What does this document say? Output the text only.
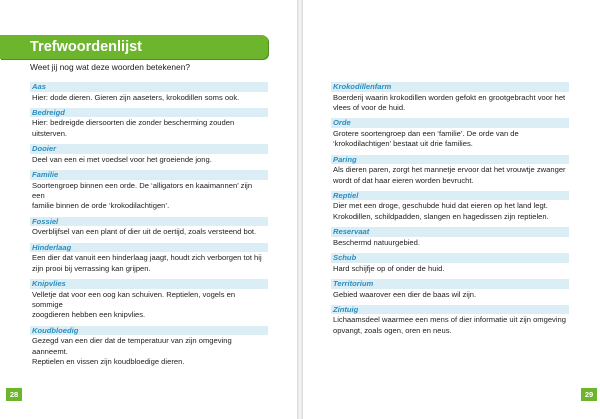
Trefwoordenlijst
Weet jij nog wat deze woorden betekenen?
Aas
Hier: dode dieren. Gieren zijn aaseters, krokodillen soms ook.
Bedreigd
Hier: bedreigde diersoorten die zonder bescherming zouden
uitsterven.
Dooier
Deel van een ei met voedsel voor het groeiende jong.
Familie
Soortengroep binnen een orde. De ‘alligators en kaaimannen’ zijn een
familie binnen de orde ‘krokodilachtigen’.
Fossiel
Overblijfsel van een plant of dier uit de oertijd, zoals versteend bot.
Hinderlaag
Een dier dat vanuit een hinderlaag jaagt, houdt zich verborgen tot hij
zijn prooi bij verrassing kan grijpen.
Knipvlies
Velletje dat voor een oog kan schuiven. Reptielen, vogels en sommige
zoogdieren hebben een knipvlies.
Koudbloedig
Gezegd van een dier dat de temperatuur van zijn omgeving aanneemt.
Reptielen en vissen zijn koudbloedige dieren.
28
Krokodillenfarm
Boerderij waarin krokodillen worden gefokt en grootgebracht voor het
vlees of voor de huid.
Orde
Grotere soortengroep dan een ‘familie’. De orde van de
‘krokodilachtigen’ bestaat uit drie families.
Paring
Als dieren paren, zorgt het mannetje ervoor dat het vrouwtje zwanger
wordt of dat haar eieren worden bevrucht.
Reptiel
Dier met een droge, geschubde huid dat eieren op het land legt.
Krokodillen, schildpadden, slangen en hagedissen zijn reptielen.
Reservaat
Beschermd natuurgebied.
Schub
Hard schijfje op of onder de huid.
Territorium
Gebied waarover een dier de baas wil zijn.
Zintuig
Lichaamsdeel waarmee een mens of dier informatie uit zijn omgeving
opvangt, zoals ogen, oren en neus.
29
